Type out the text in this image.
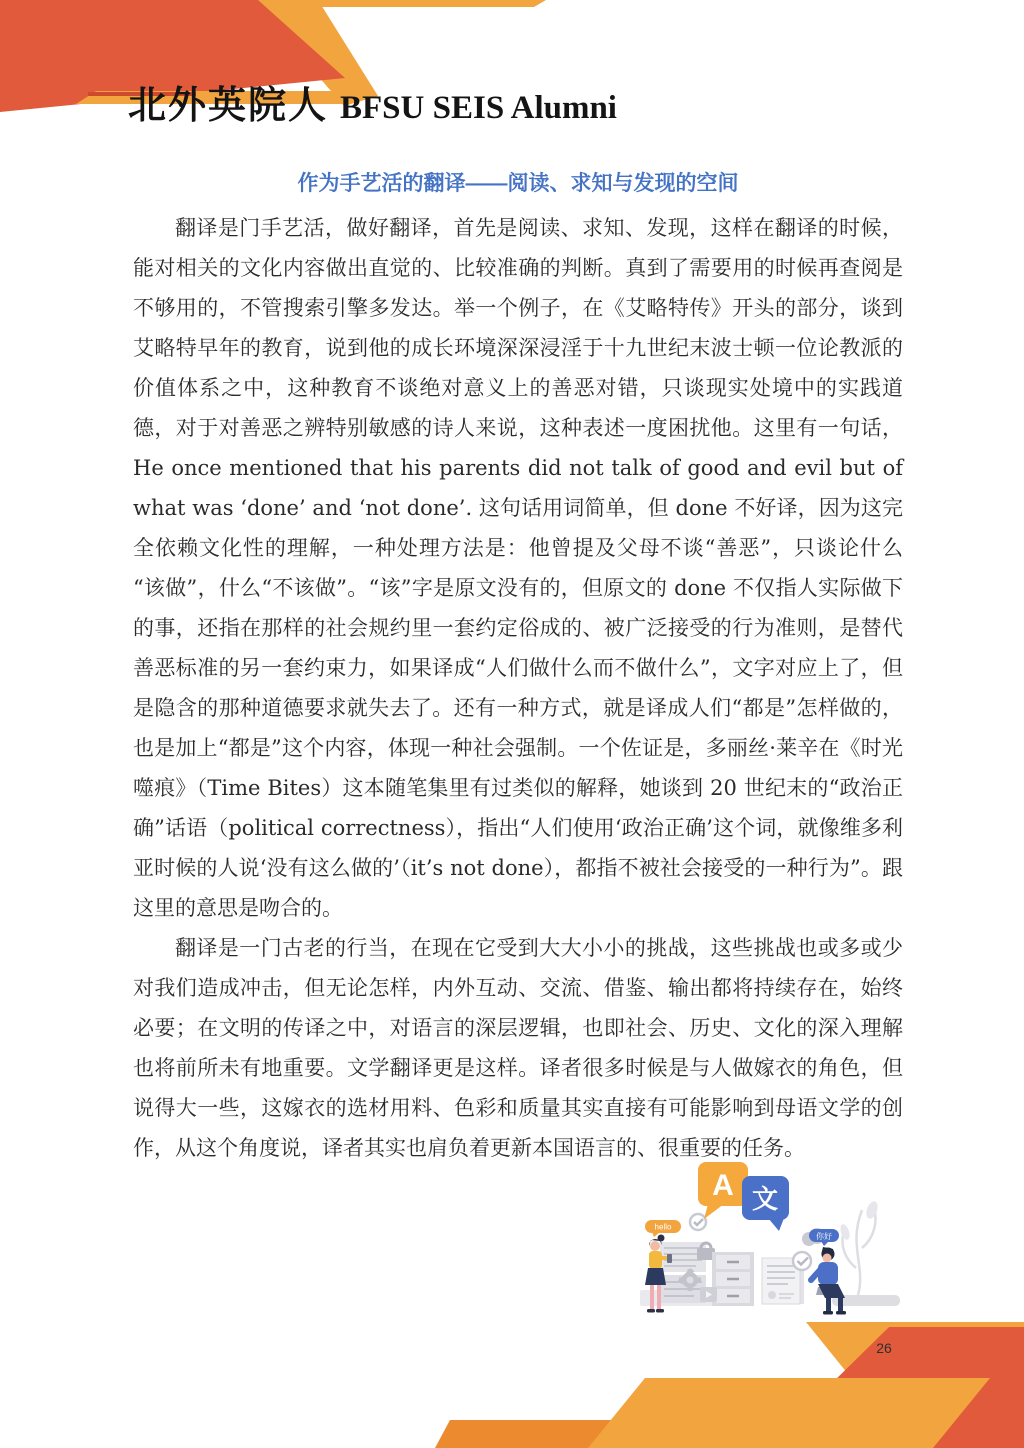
北外英院人 BFSU SEIS Alumni
作为手艺活的翻译——阅读、求知与发现的空间

翻译是门手艺活，做好翻译，首先是阅读、求知、发现，这样在翻译的时候，能对相关的文化内容做出直觉的、比较准确的判断。真到了需要用的时候再查阅是不够用的，不管搜索引擎多发达。举一个例子，在《艾略特传》开头的部分，谈到艾略特早年的教育，说到他的成长环境深深浸淫于十九世纪末波士顿一位论教派的价值体系之中，这种教育不谈绝对意义上的善恶对错，只谈现实处境中的实践道德，对于对善恶之辨特别敏感的诗人来说，这种表述一度困扰他。这里有一句话，He once mentioned that his parents did not talk of good and evil but of what was ‘done’ and ‘not done’. 这句话用词简单，但 done 不好译，因为这完全依赖文化性的理解，一种处理方法是：他曾提及父母不谈“善恶”，只谈论什么 “该做”，什么“不该做”。“该”字是原文没有的，但原文的 done 不仅指人实际做下的事，还指在那样的社会规约里一套约定俗成的、被广泛接受的行为准则，是替代善恶标准的另一套约束力，如果译成“人们做什么而不做什么”，文字对应上了，但是隐含的那种道德要求就失去了。还有一种方式，就是译成人们“都是”怎样做的，也是加上“都是”这个内容，体现一种社会强制。一个佐证是，多丽丝·莱辛在《时光噬痕》（Time Bites）这本随笔集里有过类似的解释，她谈到 20 世纪末的“政治正确”话语（political correctness），指出“人们使用‘政治正确’这个词，就像维多利亚时候的人说‘没有这么做的’（it’s not done），都指不被社会接受的一种行为”。跟这里的意思是吻合的。

翻译是一门古老的行当，在现在它受到大大小小的挑战，这些挑战也或多或少对我们造成冲击，但无论怎样，内外互动、交流、借鉴、输出都将持续存在，始终必要；在文明的传译之中，对语言的深层逻辑，也即社会、历史、文化的深入理解也将前所未有地重要。文学翻译更是这样。译者很多时候是与人做嫁衣的角色，但说得大一些，这嫁衣的选材用料、色彩和质量其实直接有可能影响到母语文学的创作，从这个角度说，译者其实也肩负着更新本国语言的、很重要的任务。

A 文
hello
你好
26
